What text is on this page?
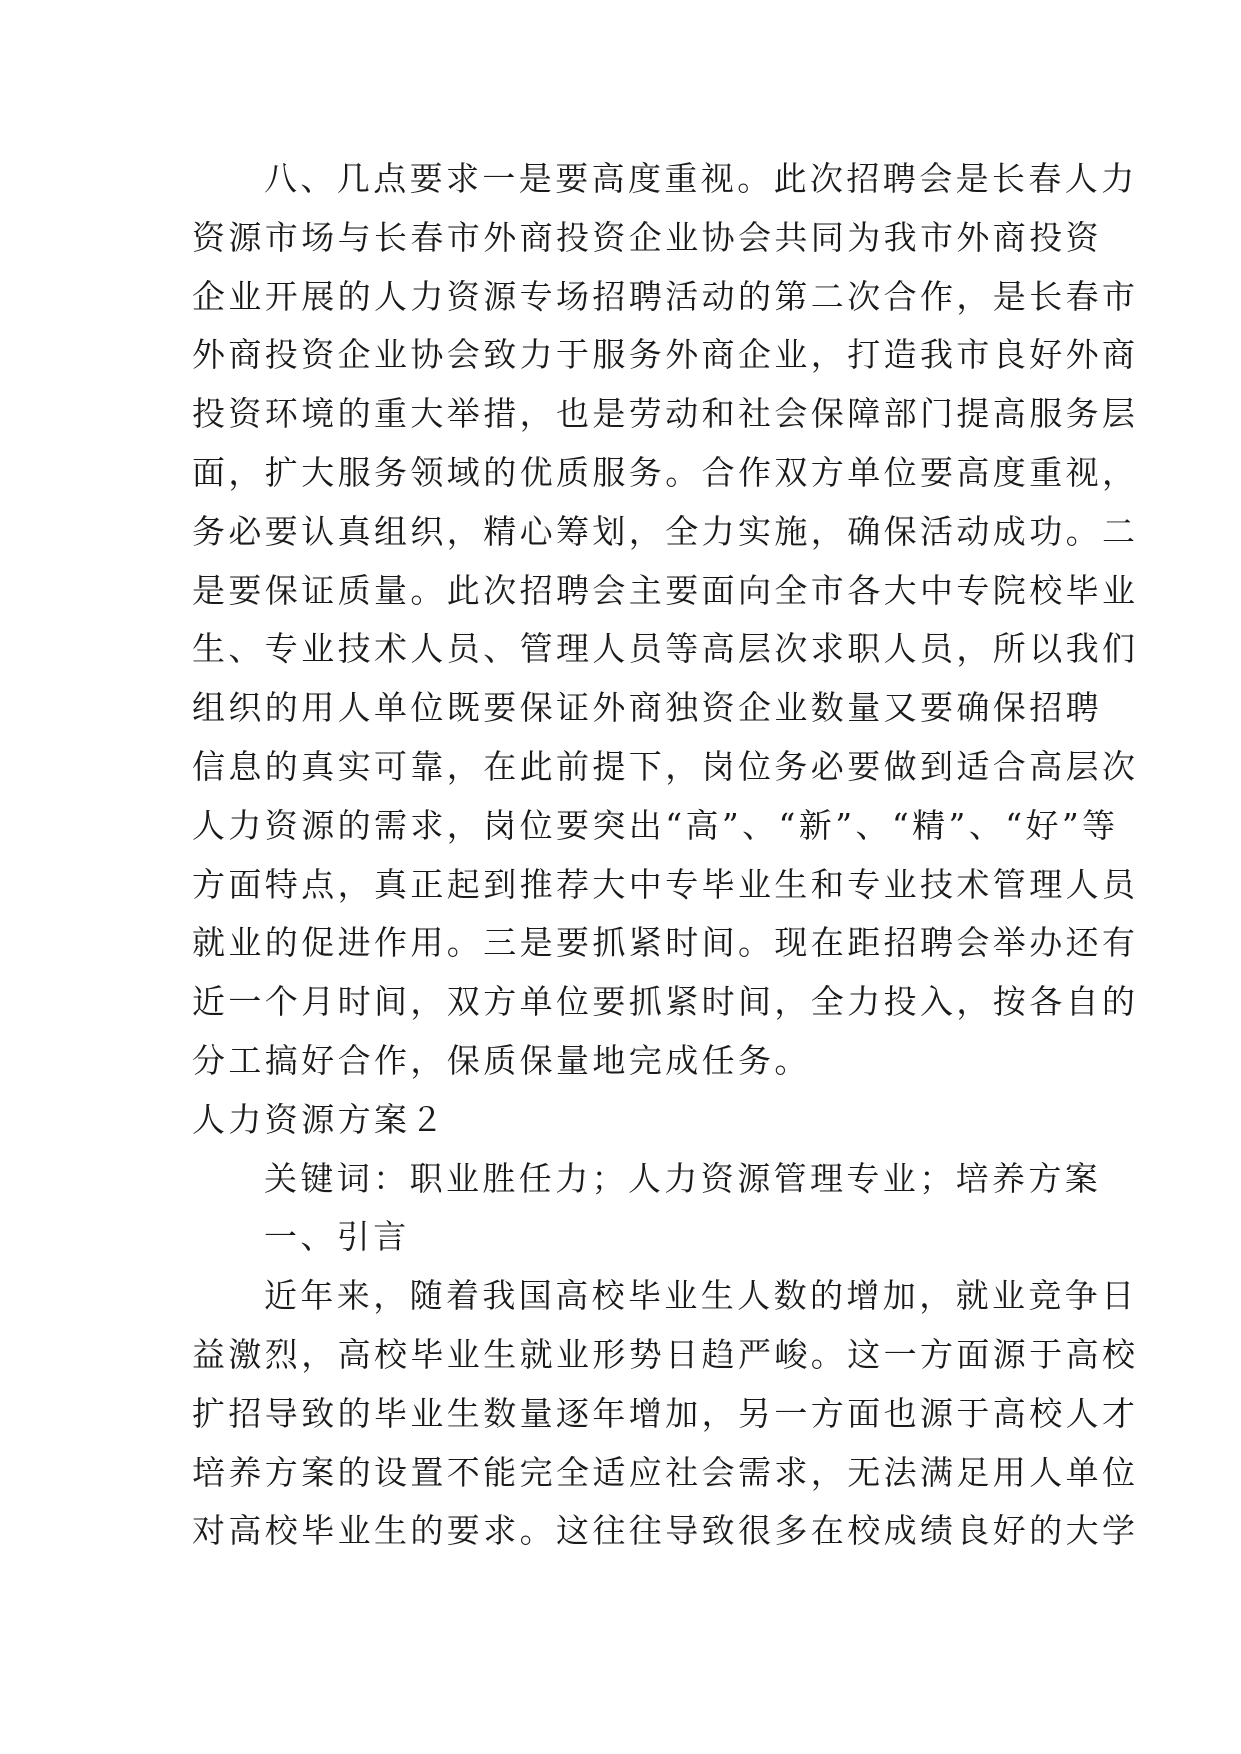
八、几点要求一是要高度重视。此次招聘会是长春人力
资源市场与长春市外商投资企业协会共同为我市外商投资
企业开展的人力资源专场招聘活动的第二次合作，是长春市
外商投资企业协会致力于服务外商企业，打造我市良好外商
投资环境的重大举措，也是劳动和社会保障部门提高服务层
面，扩大服务领域的优质服务。合作双方单位要高度重视，
务必要认真组织，精心筹划，全力实施，确保活动成功。二
是要保证质量。此次招聘会主要面向全市各大中专院校毕业
生、专业技术人员、管理人员等高层次求职人员，所以我们
组织的用人单位既要保证外商独资企业数量又要确保招聘
信息的真实可靠，在此前提下，岗位务必要做到适合高层次
人力资源的需求，岗位要突出“高”、“新”、“精”、“好”等
方面特点，真正起到推荐大中专毕业生和专业技术管理人员
就业的促进作用。三是要抓紧时间。现在距招聘会举办还有
近一个月时间，双方单位要抓紧时间，全力投入，按各自的
分工搞好合作，保质保量地完成任务。
人力资源方案２
关键词：职业胜任力；人力资源管理专业；培养方案
一、引言
近年来，随着我国高校毕业生人数的增加，就业竞争日
益激烈，高校毕业生就业形势日趋严峻。这一方面源于高校
扩招导致的毕业生数量逐年增加，另一方面也源于高校人才
培养方案的设置不能完全适应社会需求，无法满足用人单位
对高校毕业生的要求。这往往导致很多在校成绩良好的大学
